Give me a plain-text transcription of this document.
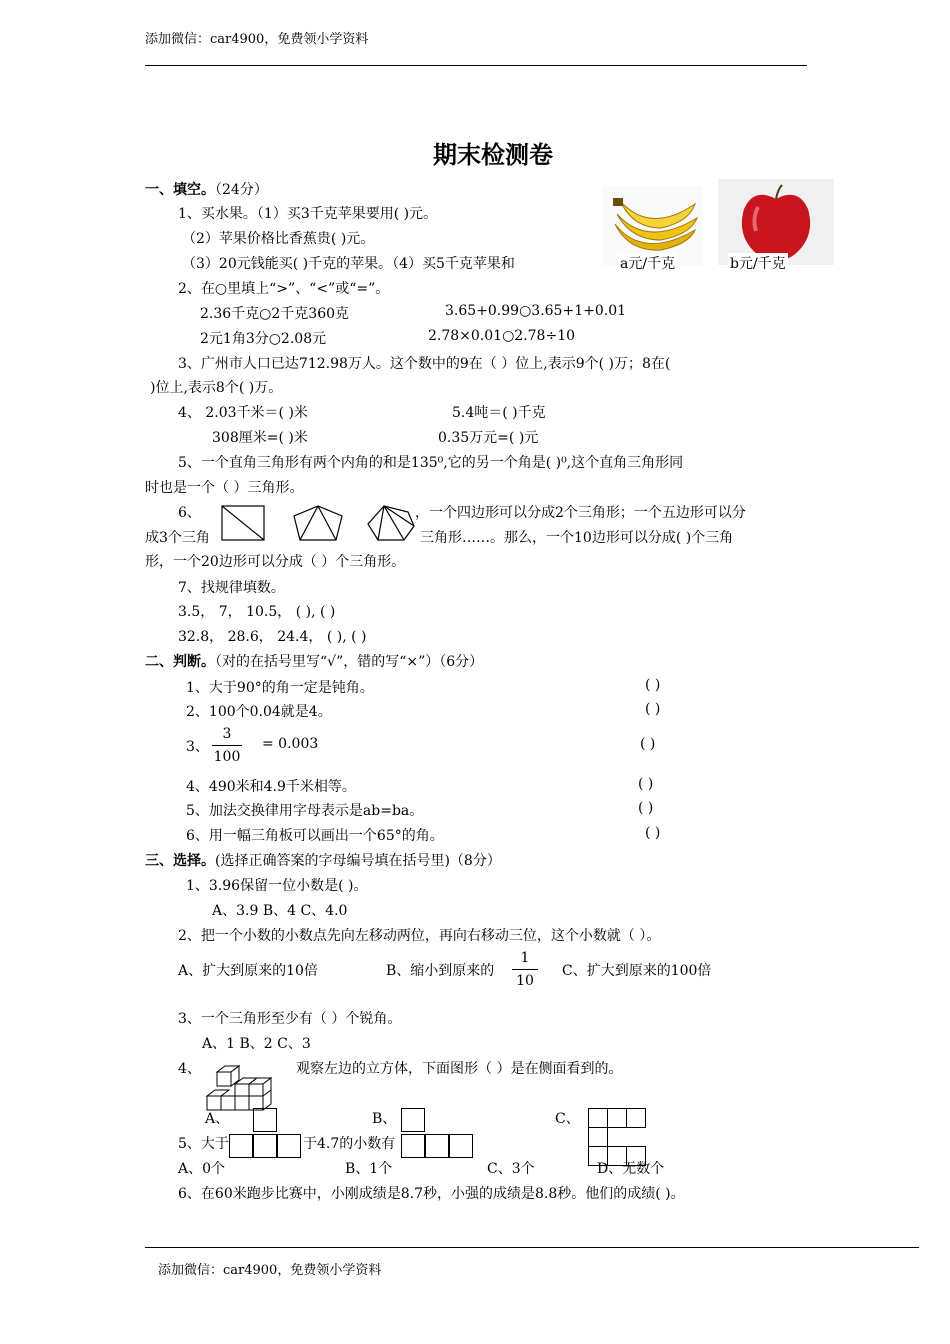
添加微信：car4900，免费领小学资料
期末检测卷
一、填空。（24分）
1、买水果。（1）买3千克苹果要用( )元。
（2）苹果价格比香蕉贵( )元。
（3）20元钱能买( )千克的苹果。（4）买5千克苹果和	a元/千克	b元/千克
2、在○里填上“>”、“<”或“=”。
2.36千克○2千克360克	3.65+0.99○3.65+1+0.01
2元1角3分○2.08元	2.78×0.01○2.78÷10
3、广州市人口已达712.98万人。这个数中的9在（ ）位上,表示9个( )万；8在(
)位上,表示8个( )万。
4、 2.03千米＝( )米	5.4吨＝( )千克
308厘米=( )米	0.35万元=( )元
5、一个直角三角形有两个内角的和是135⁰,它的另一个角是( )⁰,这个直角三角形同
时也是一个（ ）三角形。
6、	，一个四边形可以分成2个三角形；一个五边形可以分
成3个三角	三角形……。那么，一个10边形可以分成( )个三角
形，一个20边形可以分成（ ）个三角形。
7、找规律填数。
3.5， 7， 10.5， ( ), ( )
32.8， 28.6， 24.4， ( ), ( )
二、判断。（对的在括号里写“√”，错的写“×”）（6分）
1、大于90°的角一定是钝角。	( )
2、100个0.04就是4。	( )
3、
3
100
= 0.003	( )
4、490米和4.9千米相等。	( )
5、加法交换律用字母表示是ab=ba。	( )
6、用一幅三角板可以画出一个65°的角。	( )
三、选择。(选择正确答案的字母编号填在括号里)（8分）
1、3.96保留一位小数是( )。
A、3.9 B、4 C、4.0
2、把一个小数的小数点先向左移动两位，再向右移动三位，这个小数就（ ）。
A、扩大到原来的10倍	B、缩小到原来的
1
10
C、扩大到原来的100倍
3、一个三角形至少有（ ）个锐角。
A、1 B、2 C、3
4、	观察左边的立方体，下面图形（ ）是在侧面看到的。
A、	B、	C、
5、大于	于4.7的小数有
A、0个	B、1个	C、3个	D、无数个
6、在60米跑步比赛中，小刚成绩是8.7秒，小强的成绩是8.8秒。他们的成绩( )。
添加微信：car4900，免费领小学资料
